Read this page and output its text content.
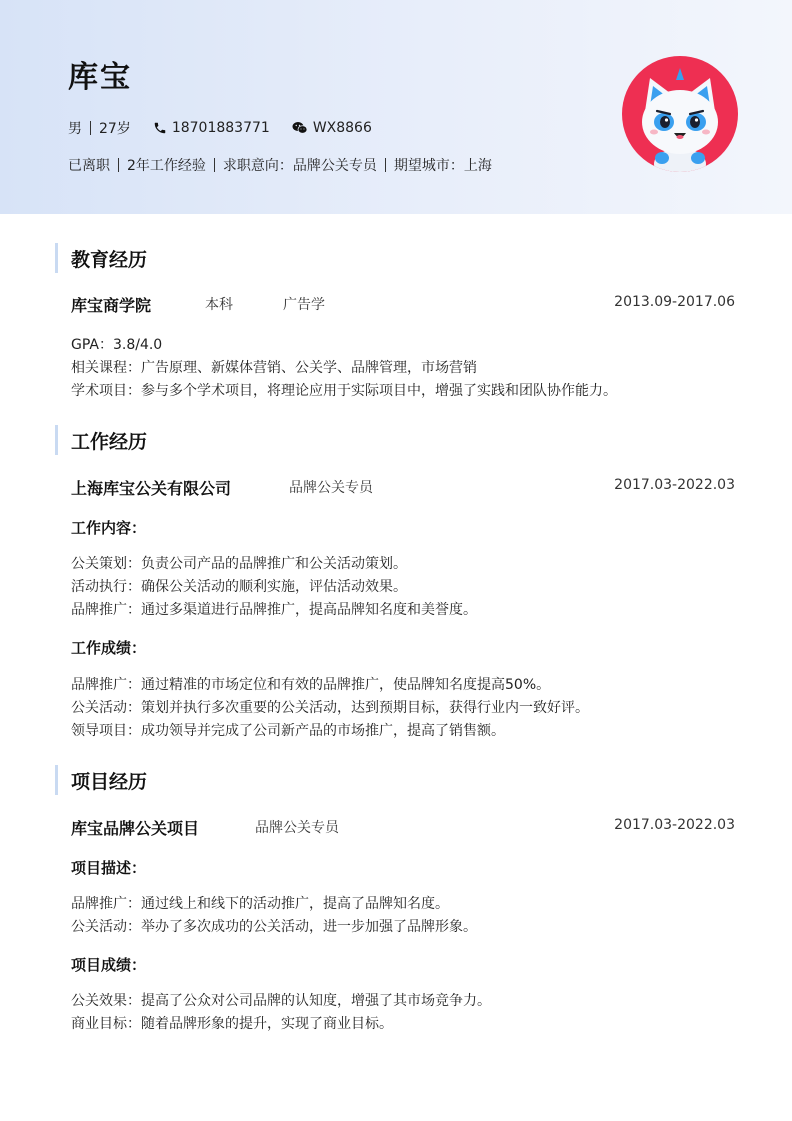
库宝
男 27岁	18701883771	WX8866
已离职 2年工作经验 求职意向：品牌公关专员 期望城市：上海
教育经历
库宝商学院	本科	广告学	2013.09-2017.06
GPA：3.8/4.0
相关课程：广告原理、新媒体营销、公关学、品牌管理，市场营销
学术项目：参与多个学术项目，将理论应用于实际项目中，增强了实践和团队协作能力。
工作经历
上海库宝公关有限公司	品牌公关专员	2017.03-2022.03
工作内容：
公关策划：负责公司产品的品牌推广和公关活动策划。
活动执行：确保公关活动的顺利实施，评估活动效果。
品牌推广：通过多渠道进行品牌推广，提高品牌知名度和美誉度。
工作成绩：
品牌推广：通过精准的市场定位和有效的品牌推广，使品牌知名度提高50%。
公关活动：策划并执行多次重要的公关活动，达到预期目标，获得行业内一致好评。
领导项目：成功领导并完成了公司新产品的市场推广，提高了销售额。
项目经历
库宝品牌公关项目	品牌公关专员	2017.03-2022.03
项目描述：
品牌推广：通过线上和线下的活动推广，提高了品牌知名度。
公关活动：举办了多次成功的公关活动，进一步加强了品牌形象。
项目成绩：
公关效果：提高了公众对公司品牌的认知度，增强了其市场竞争力。
商业目标：随着品牌形象的提升，实现了商业目标。
